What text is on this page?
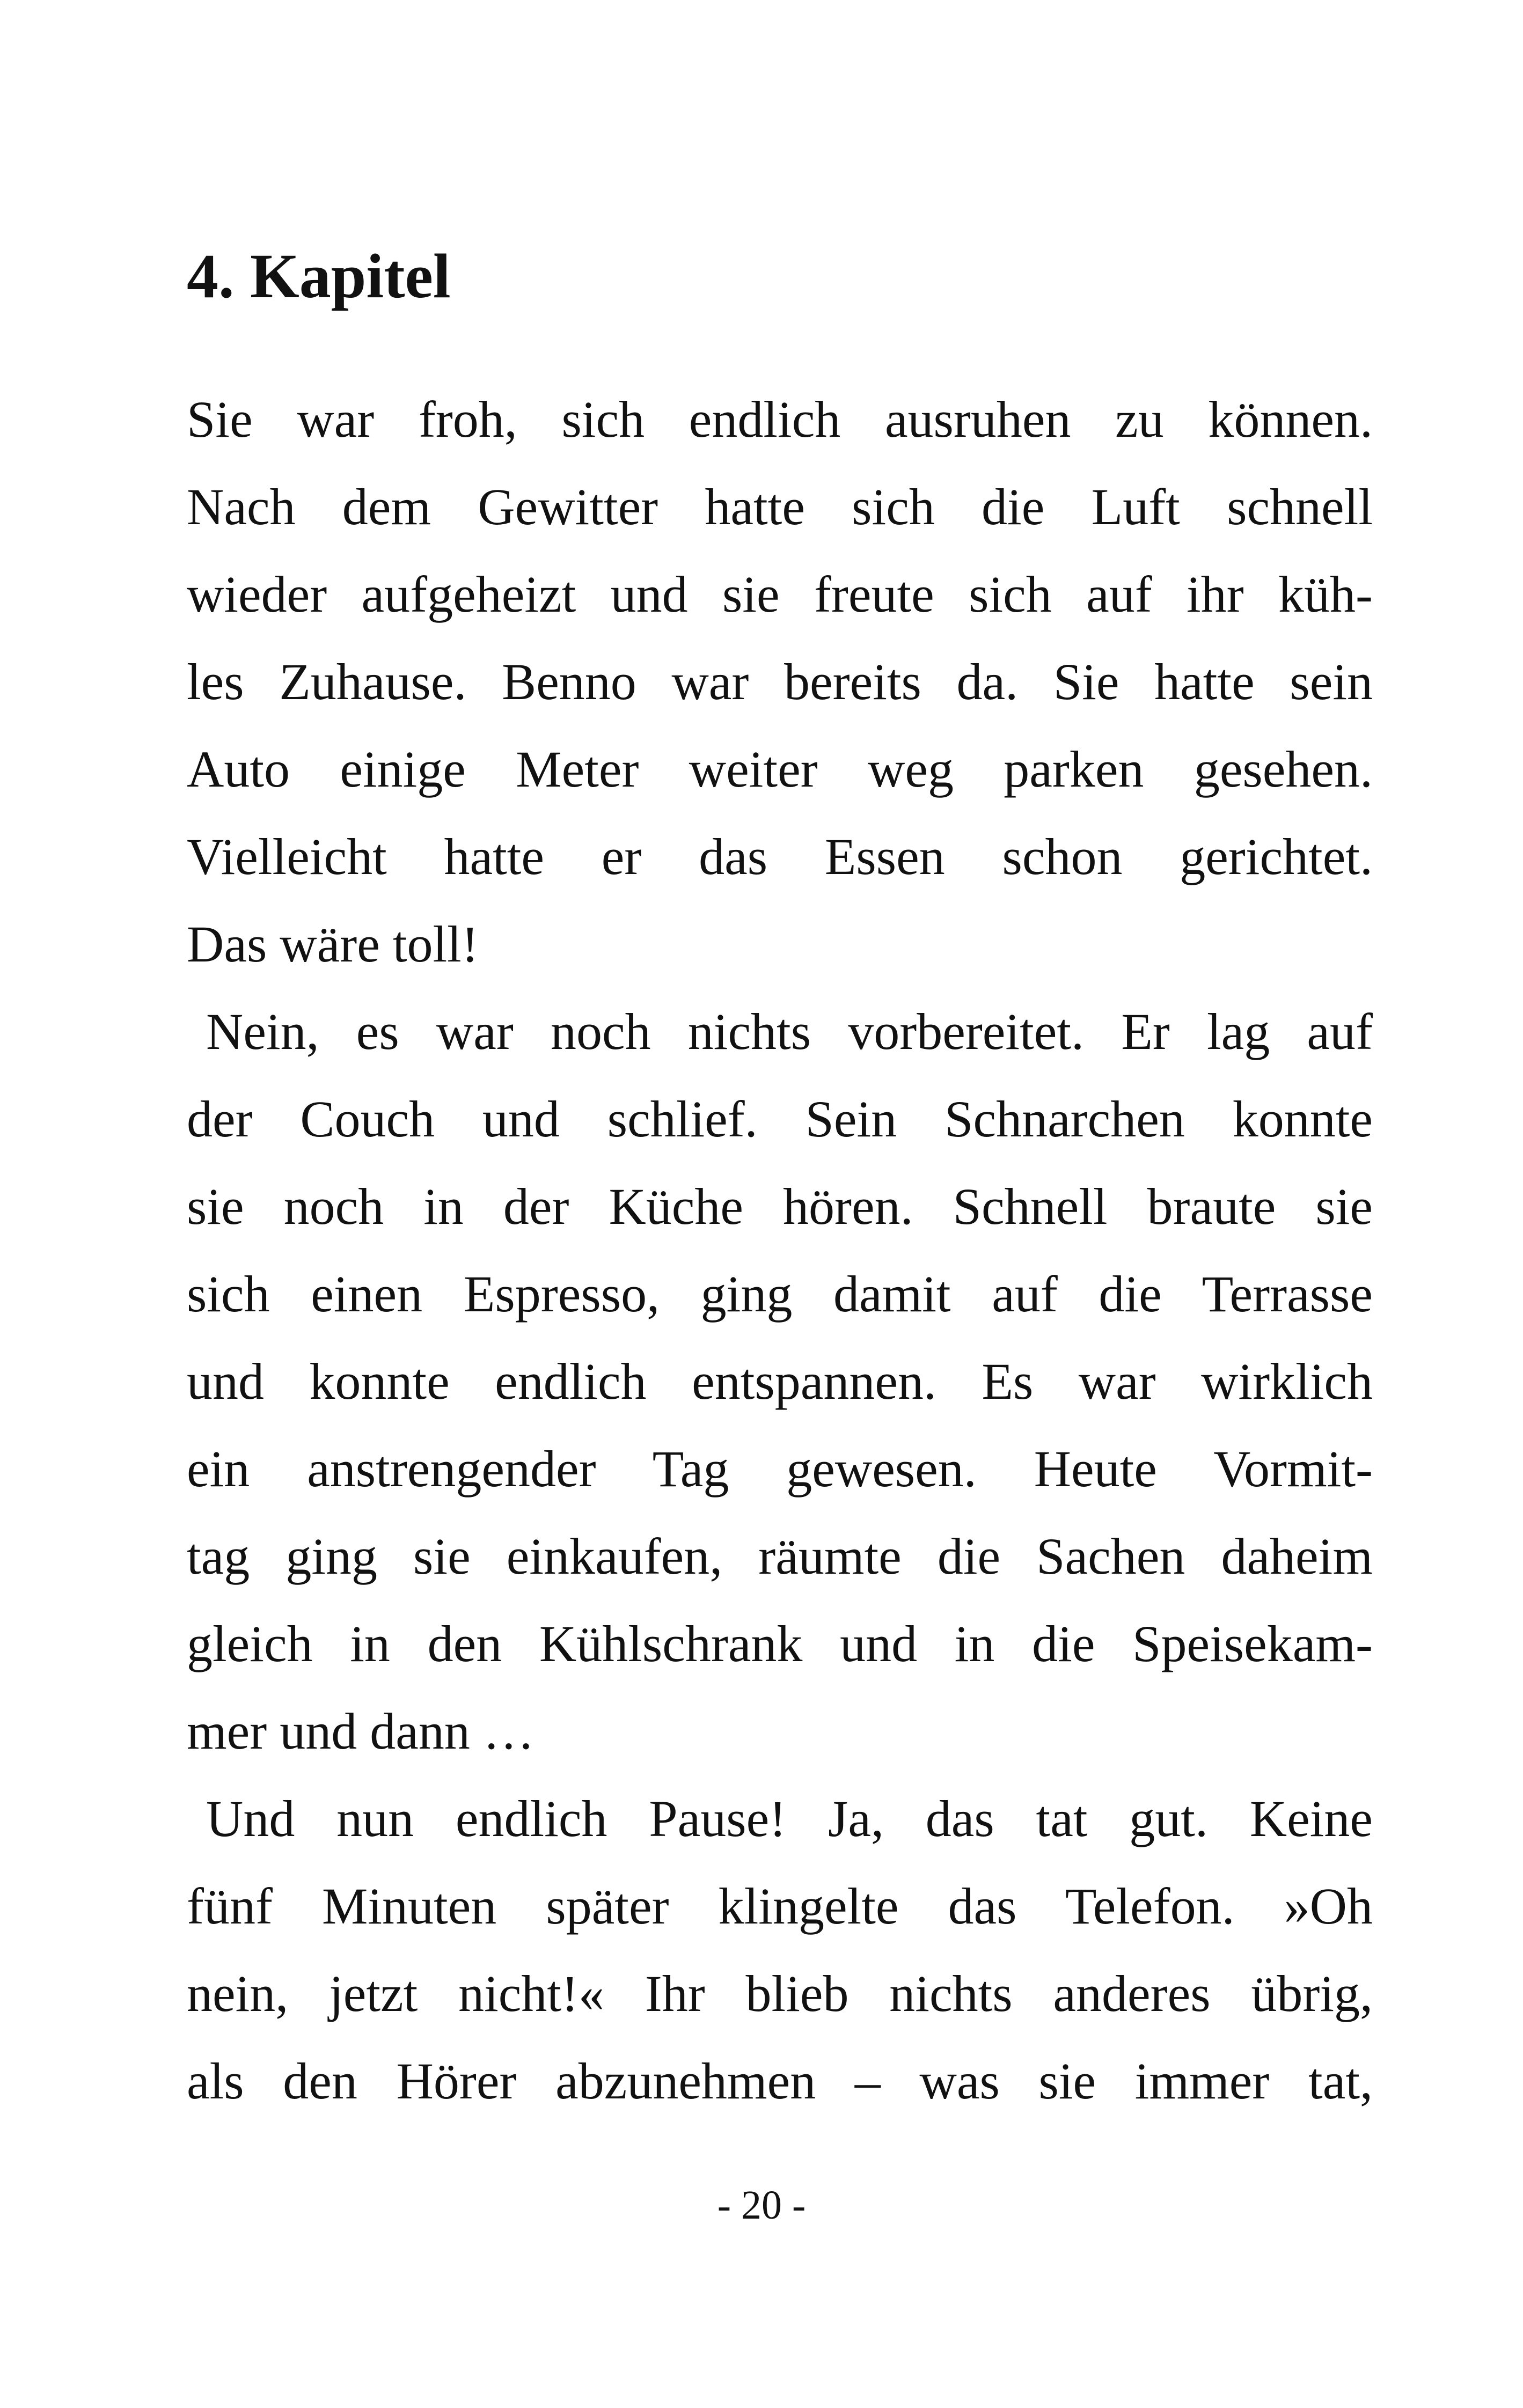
4. Kapitel
Sie war froh, sich endlich ausruhen zu können.
Nach dem Gewitter hatte sich die Luft schnell
wieder aufgeheizt und sie freute sich auf ihr küh-
les Zuhause. Benno war bereits da. Sie hatte sein
Auto einige Meter weiter weg parken gesehen.
Vielleicht hatte er das Essen schon gerichtet.
Das wäre toll!
Nein, es war noch nichts vorbereitet. Er lag auf
der Couch und schlief. Sein Schnarchen konnte
sie noch in der Küche hören. Schnell braute sie
sich einen Espresso, ging damit auf die Terrasse
und konnte endlich entspannen. Es war wirklich
ein anstrengender Tag gewesen. Heute Vormit-
tag ging sie einkaufen, räumte die Sachen daheim
gleich in den Kühlschrank und in die Speisekam-
mer und dann …
Und nun endlich Pause! Ja, das tat gut. Keine
fünf Minuten später klingelte das Telefon. »Oh
nein, jetzt nicht!« Ihr blieb nichts anderes übrig,
als den Hörer abzunehmen – was sie immer tat,
- 20 -
